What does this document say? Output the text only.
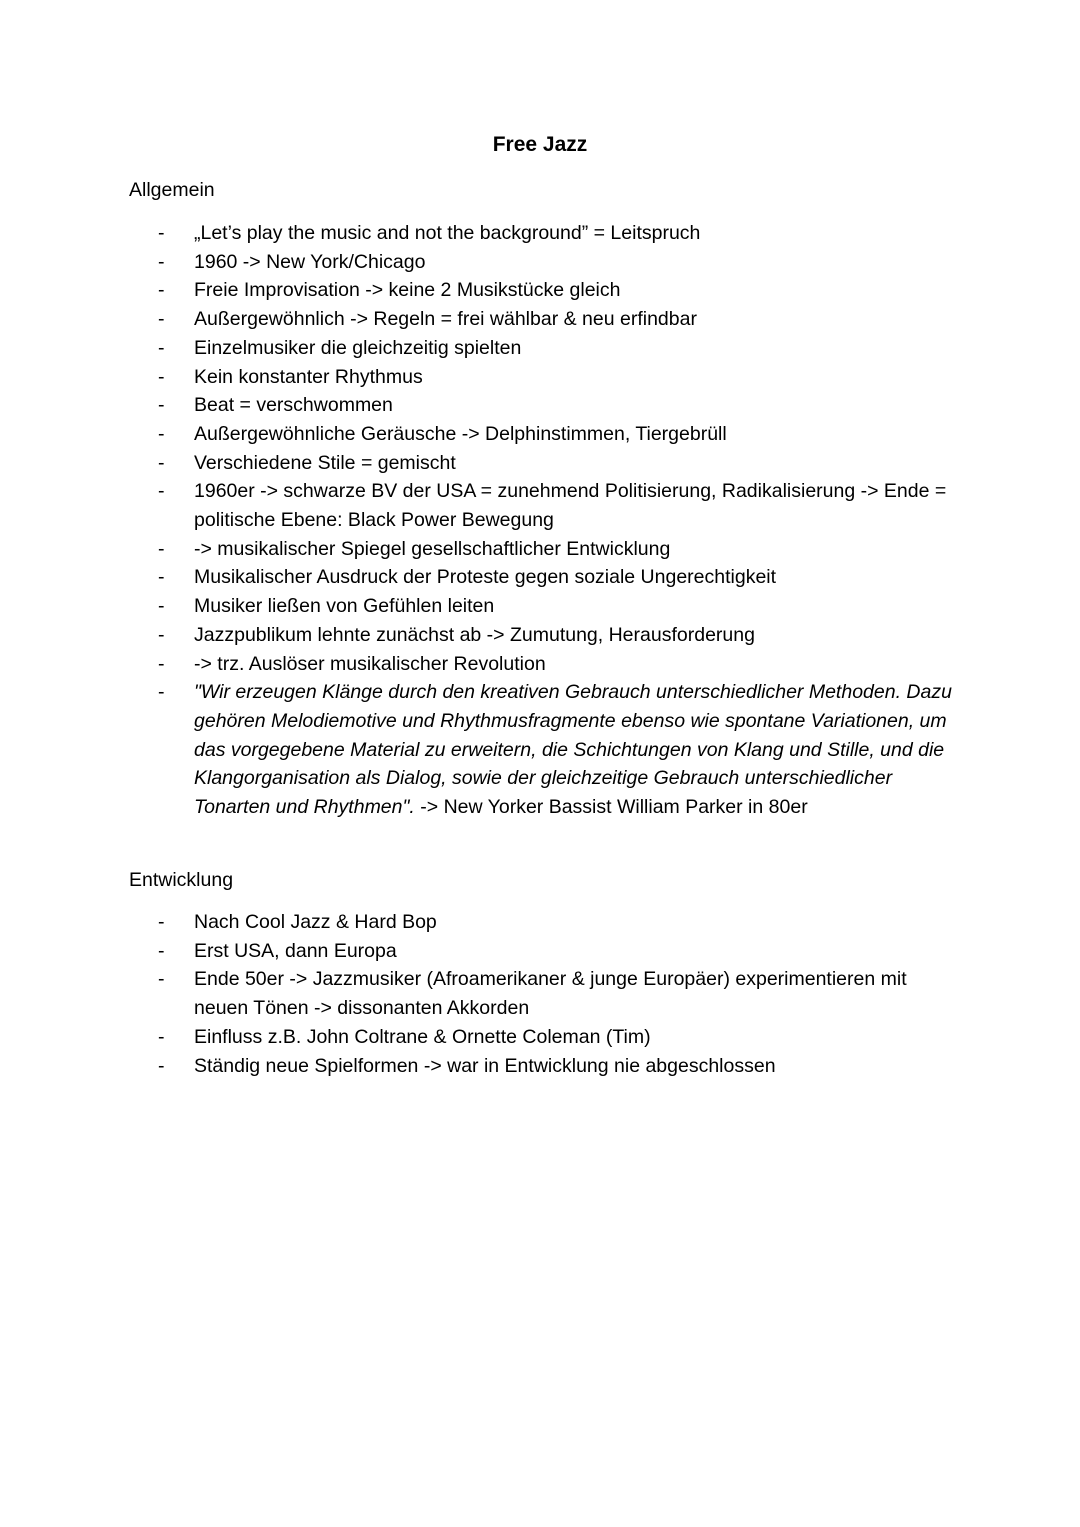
Free Jazz
Allgemein
- „Let’s play the music and not the background” = Leitspruch
- 1960 -> New York/Chicago
- Freie Improvisation -> keine 2 Musikstücke gleich
- Außergewöhnlich -> Regeln = frei wählbar & neu erfindbar
- Einzelmusiker die gleichzeitig spielten
- Kein konstanter Rhythmus
- Beat = verschwommen
- Außergewöhnliche Geräusche -> Delphinstimmen, Tiergebrüll
- Verschiedene Stile = gemischt
- 1960er -> schwarze BV der USA = zunehmend Politisierung, Radikalisierung -> Ende = politische Ebene: Black Power Bewegung
- -> musikalischer Spiegel gesellschaftlicher Entwicklung
- Musikalischer Ausdruck der Proteste gegen soziale Ungerechtigkeit
- Musiker ließen von Gefühlen leiten
- Jazzpublikum lehnte zunächst ab -> Zumutung, Herausforderung
- -> trz. Auslöser musikalischer Revolution
- "Wir erzeugen Klänge durch den kreativen Gebrauch unterschiedlicher Methoden. Dazu gehören Melodiemotive und Rhythmusfragmente ebenso wie spontane Variationen, um das vorgegebene Material zu erweitern, die Schichtungen von Klang und Stille, und die Klangorganisation als Dialog, sowie der gleichzeitige Gebrauch unterschiedlicher Tonarten und Rhythmen". -> New Yorker Bassist William Parker in 80er
Entwicklung
- Nach Cool Jazz & Hard Bop
- Erst USA, dann Europa
- Ende 50er -> Jazzmusiker (Afroamerikaner & junge Europäer) experimentieren mit neuen Tönen -> dissonanten Akkorden
- Einfluss z.B. John Coltrane & Ornette Coleman (Tim)
- Ständig neue Spielformen -> war in Entwicklung nie abgeschlossen
